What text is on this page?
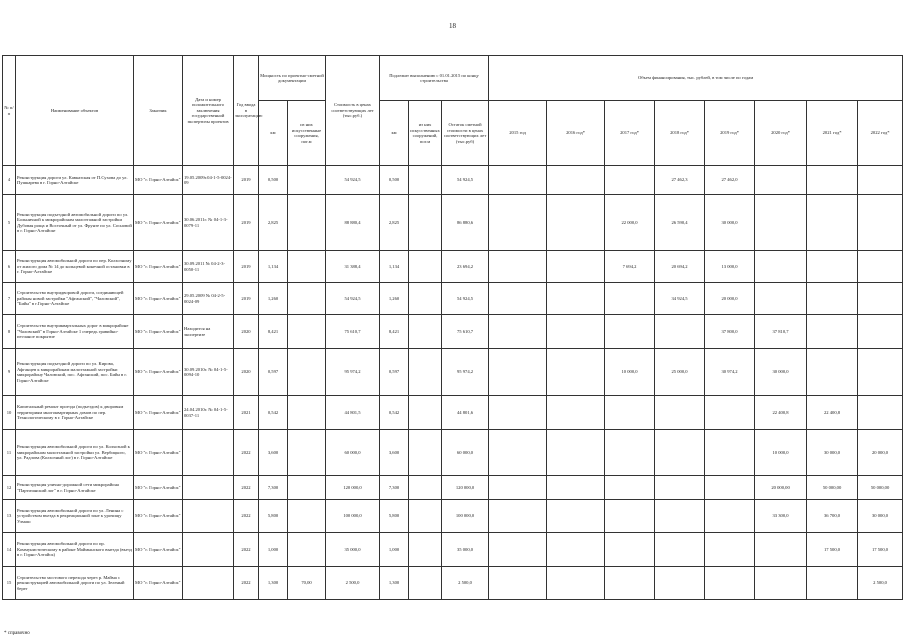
18
№ п/п	Наименование объектов	Заказчик	Дата и номер положительного заключения государственной экспертизы проектов	Год ввода в эксплуатацию	Мощность по проектно-сметной документации		Стоимость в ценах соответствующих лет (тыс.руб.)	Подлежит выполнению с 01.01.2015 по концу строительства			Объем финансирования, тыс. рублей, в том числе по годам							
					км	из них искусственные сооружения, пог.м		км	из них искусственных сооружений, пог.м	Остаток сметной стоимости в ценах соответствующих лет (тыс.руб)	2015 год	2016 год*	2017 год*	2018 год*	2019 год*	2020 год*	2021 год*	2022 год*
4	Реконструкция дороги ул. Кавказская от П.Сухова до ул. Пушкарева в г. Горно-Алтайске	МО "г. Горно-Алтайск"	19.05.2009г.04-1-5-0024-09	2019	0,500		54 924,5	0,500		54 924,5				27 462,3	27 462,0			
5	Реконструкция подъездной автомобильной дороги по ул. Больничной к микрорайонам малоэтажной застройки Дубовая роща и Восточный от ул. Фрунзе по ул. Сосновой в г. Горно-Алтайске	МО "г. Горно-Алтайск"	30.06.2011г. № 04-1-3-0079-11	2019	2,825		88 880,4	2,825		86 880,6			22 000,0	26 590,4	30 000,0			
6	Реконструкция автомобильной дороги по пер. Колхозному от жилого дома № 14 до кольцевой конечной остановки в г. Горно-Алтайске	МО "г. Горно-Алтайск"	30.09.2011 № 04-2-3-0050-11	2019	1,134		31 388,4	1,134		23 694,2			7 694,2	20 694,2	13 000,0			
7	Строительство внутридворовой дороги, соединяющей районы новой застройки "Афганский", "Чаловский", "Бийн" в г.Горно-Алтайске	МО "г. Горно-Алтайск"	29.05.2009 № 04-2-5-0024-09	2019	1,260		54 924,5	1,260		54 924,5				34 924,5	20 000,0			
8	Строительство внутриквартальных дорог в микрорайоне "Чаловский" в Горно-Алтайске 1 очередь гравийно-песчаное покрытие	МО "г. Горно-Алтайск"	Находится на экспертизе	2020	8,421		75 610,7	8,421		75 610,7					37 800,0	37 810,7		
9	Реконструкция подъездной дороги по ул. Кирова, Афганцев к микрорайонам малоэтажной застройки микрорайону Чаловский, пос. Афганский, пос. Бийн в г. Горно-Алтайске	МО "г. Горно-Алтайск"	30.09.2010г. № 04-1-5-0094-10	2020	0,597		95 974,2	0,597		95 974,2			10 000,0	25 000,0	30 974,2	30 000,0		
10	Капитальный ремонт проезда (подъездов) к дворовым территориям многоквартирных домов по пер. Технологическому в г. Горно-Алтайске	МО "г. Горно-Алтайск"	24.04.2010г. № 04-1-5-0037-11	2021	0,542		44 801,5	0,542		44 801,6						22 400,8	22 400,8	
11	Реконструкция автомобильной дороги по ул. Колхозной к микрорайонам малоэтажной застройки ул. Вербицкого, ул. Радлова (Колхозный лог) в г. Горно-Алтайске	МО "г. Горно-Алтайск"		2022	3,600		60 000,0	3,600		60 000,0						10 000,0	30 000,0	20 000,0
12	Реконструкция улично-дорожной сети микрорайона "Партизанский лог" в г. Горно-Алтайске	МО "г. Горно-Алтайск"		2022	7,300		120 000,0	7,300		120 000,0						20 000,00	50 000,00	50 000,00
13	Реконструкция автомобильной дороги по ул. Ленина с устройством въезда в рекреационной зоне к урочищу Улмаш	МО "г. Горно-Алтайск"		2022	5,800		100 000,0	5,800		100 000,0						33 300,0	36 700,0	30 000,0
14	Реконструкция автомобильной дороги по пр. Коммунистическому в районе Маймынского выезда (въезд в г. Горно-Алтайск)	МО "г. Горно-Алтайск"		2022	1,000		35 000,0	1,000		35 000,0							17 500,0	17 500,0
15	Строительство мостового перехода через р. Майма с реконструкцией автомобильной дороги по ул. Зеленый берег	МО "г. Горно-Алтайск"		2022	1,300	70,00	2 500,0	1,300		2 500,0								2 500,0
* справочно
